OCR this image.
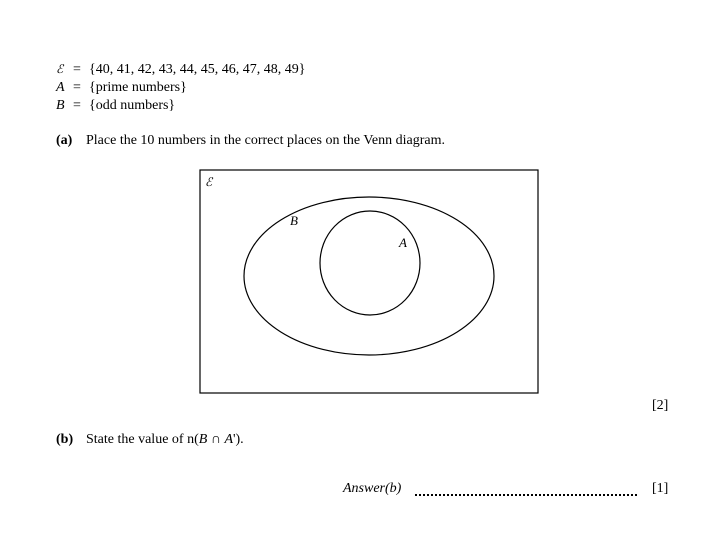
ℰ = {40, 41, 42, 43, 44, 45, 46, 47, 48, 49}
A = {prime numbers}
B = {odd numbers}
(a) Place the 10 numbers in the correct places on the Venn diagram.
ℰ
B
A
[2]
(b) State the value of n(B ∩ A').
Answer(b)	[1]
